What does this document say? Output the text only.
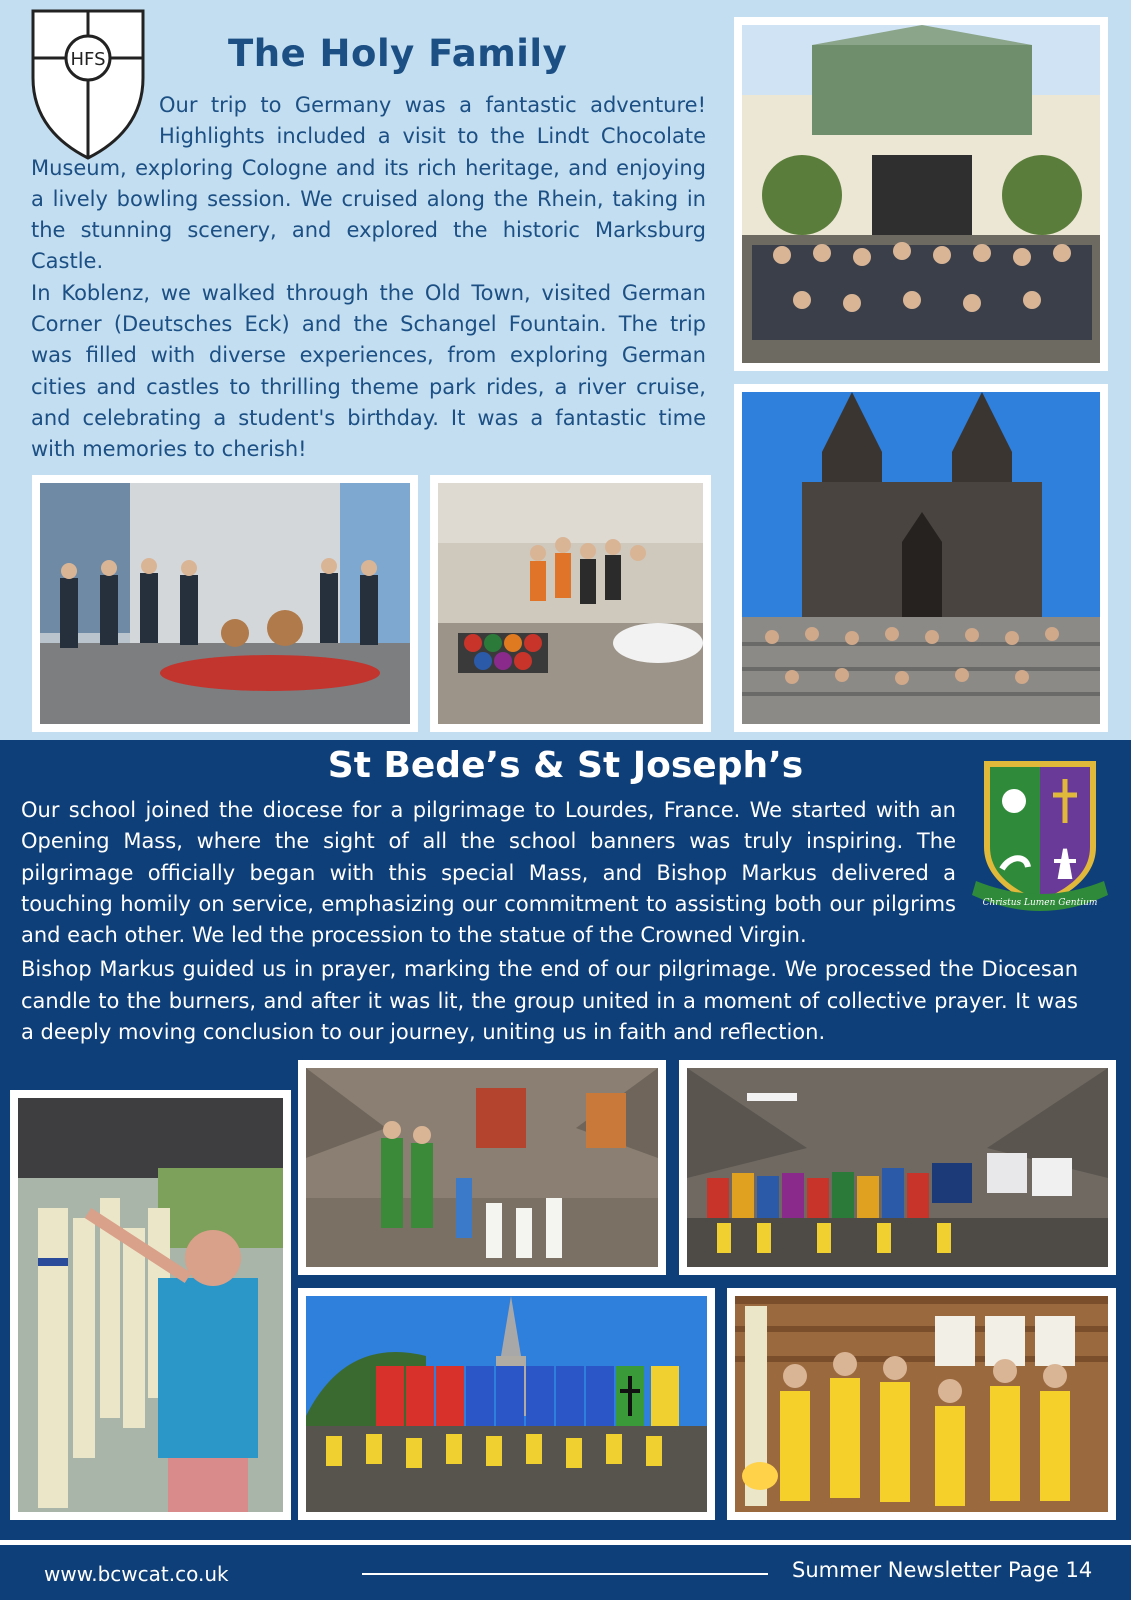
HFS	The Holy Family

Our trip to Germany was a fantastic adventure! Highlights included a visit to the Lindt Chocolate Museum, exploring Cologne and its rich heritage, and enjoying a lively bowling session. We cruised along the Rhein, taking in the stunning scenery, and explored the historic Marksburg Castle.

In Koblenz, we walked through the Old Town, visited German Corner (Deutsches Eck) and the Schangel Fountain. The trip was filled with diverse experiences, from exploring German cities and castles to thrilling theme park rides, a river cruise, and celebrating a student's birthday. It was a fantastic time with memories to cherish!

St Bede’s & St Joseph’s
Christus Lumen Gentium

Our school joined the diocese for a pilgrimage to Lourdes, France. We started with an Opening Mass, where the sight of all the school banners was truly inspiring. The pilgrimage officially began with this special Mass, and Bishop Markus delivered a touching homily on service, emphasizing our commitment to assisting both our pilgrims and each other. We led the procession to the statue of the Crowned Virgin.

Bishop Markus guided us in prayer, marking the end of our pilgrimage. We processed the Diocesan candle to the burners, and after it was lit, the group united in a moment of collective prayer. It was a deeply moving conclusion to our journey, uniting us in faith and reflection.

www.bcwcat.co.uk	Summer Newsletter Page 14
